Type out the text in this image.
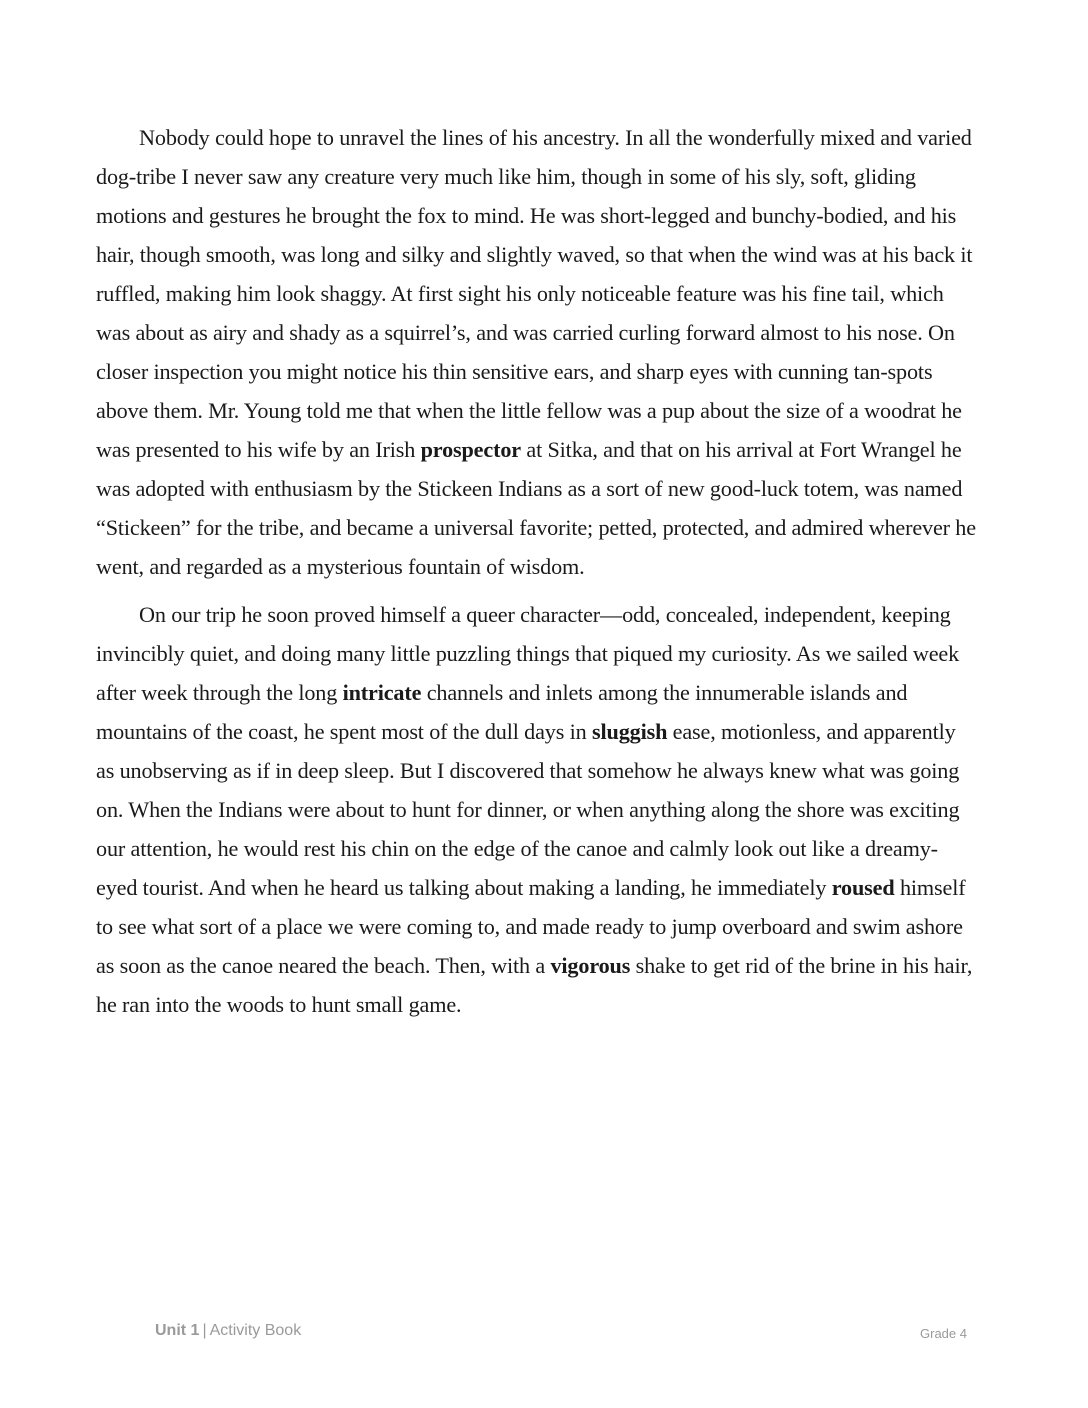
Nobody could hope to unravel the lines of his ancestry. In all the wonderfully mixed and varied dog-tribe I never saw any creature very much like him, though in some of his sly, soft, gliding motions and gestures he brought the fox to mind. He was short-legged and bunchy-bodied, and his hair, though smooth, was long and silky and slightly waved, so that when the wind was at his back it ruffled, making him look shaggy. At first sight his only noticeable feature was his fine tail, which was about as airy and shady as a squirrel’s, and was carried curling forward almost to his nose. On closer inspection you might notice his thin sensitive ears, and sharp eyes with cunning tan-spots above them. Mr. Young told me that when the little fellow was a pup about the size of a woodrat he was presented to his wife by an Irish prospector at Sitka, and that on his arrival at Fort Wrangel he was adopted with enthusiasm by the Stickeen Indians as a sort of new good-luck totem, was named “Stickeen” for the tribe, and became a universal favorite; petted, protected, and admired wherever he went, and regarded as a mysterious fountain of wisdom.

On our trip he soon proved himself a queer character—odd, concealed, independent, keeping invincibly quiet, and doing many little puzzling things that piqued my curiosity. As we sailed week after week through the long intricate channels and inlets among the innumerable islands and mountains of the coast, he spent most of the dull days in sluggish ease, motionless, and apparently as unobserving as if in deep sleep. But I discovered that somehow he always knew what was going on. When the Indians were about to hunt for dinner, or when anything along the shore was exciting our attention, he would rest his chin on the edge of the canoe and calmly look out like a dreamy-eyed tourist. And when he heard us talking about making a landing, he immediately roused himself to see what sort of a place we were coming to, and made ready to jump overboard and swim ashore as soon as the canoe neared the beach. Then, with a vigorous shake to get rid of the brine in his hair, he ran into the woods to hunt small game.

Unit 1 | Activity Book	Grade 4
